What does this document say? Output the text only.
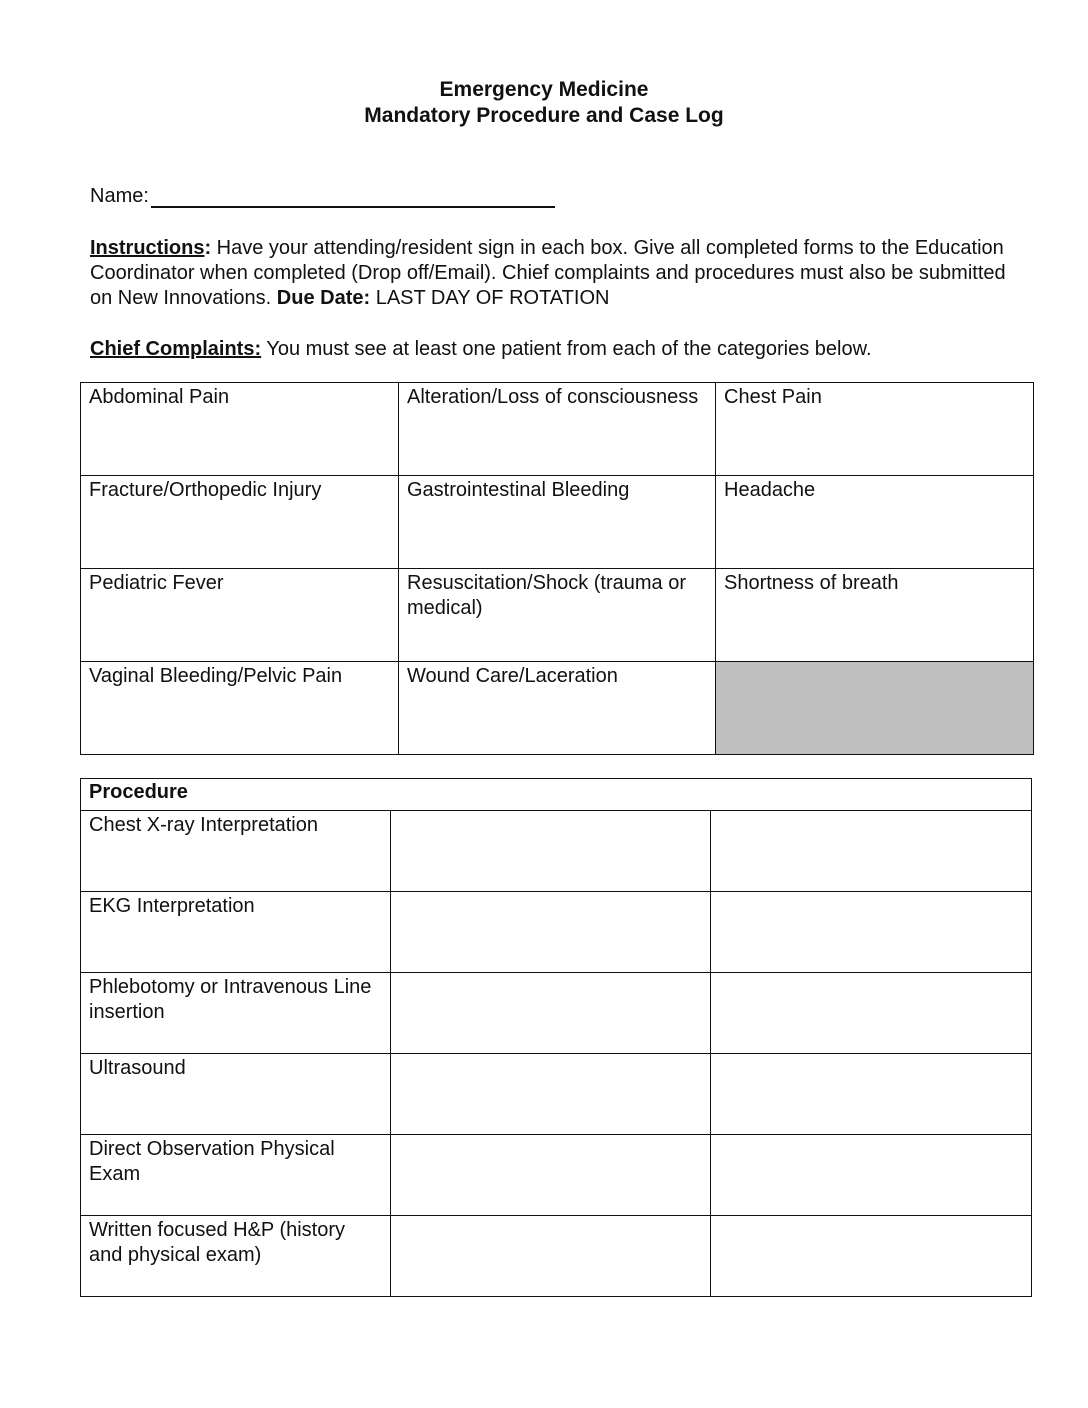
Emergency Medicine
Mandatory Procedure and Case Log
Name:
Instructions: Have your attending/resident sign in each box. Give all completed forms to the Education Coordinator when completed (Drop off/Email). Chief complaints and procedures must also be submitted on New Innovations. Due Date: LAST DAY OF ROTATION
Chief Complaints: You must see at least one patient from each of the categories below.
Abdominal Pain	Alteration/Loss of consciousness	Chest Pain
Fracture/Orthopedic Injury	Gastrointestinal Bleeding	Headache
Pediatric Fever	Resuscitation/Shock (trauma or medical)	Shortness of breath
Vaginal Bleeding/Pelvic Pain	Wound Care/Laceration	
Procedure		
Chest X-ray Interpretation		
EKG Interpretation		
Phlebotomy or Intravenous Line insertion		
Ultrasound		
Direct Observation Physical Exam		
Written focused H&P (history and physical exam)		
